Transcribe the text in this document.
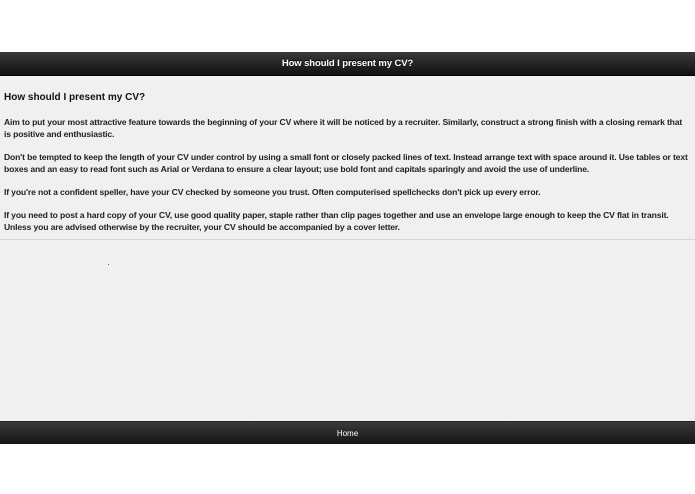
How should I present my CV?
How should I present my CV?

Aim to put your most attractive feature towards the beginning of your CV where it will be noticed by a recruiter. Similarly, construct a strong finish with a closing remark that is positive and enthusiastic.

Don't be tempted to keep the length of your CV under control by using a small font or closely packed lines of text. Instead arrange text with space around it. Use tables or text boxes and an easy to read font such as Arial or Verdana to ensure a clear layout; use bold font and capitals sparingly and avoid the use of underline.

If you're not a confident speller, have your CV checked by someone you trust. Often computerised spellchecks don't pick up every error.

If you need to post a hard copy of your CV, use good quality paper, staple rather than clip pages together and use an envelope large enough to keep the CV flat in transit. Unless you are advised otherwise by the recruiter, your CV should be accompanied by a cover letter.

Home
